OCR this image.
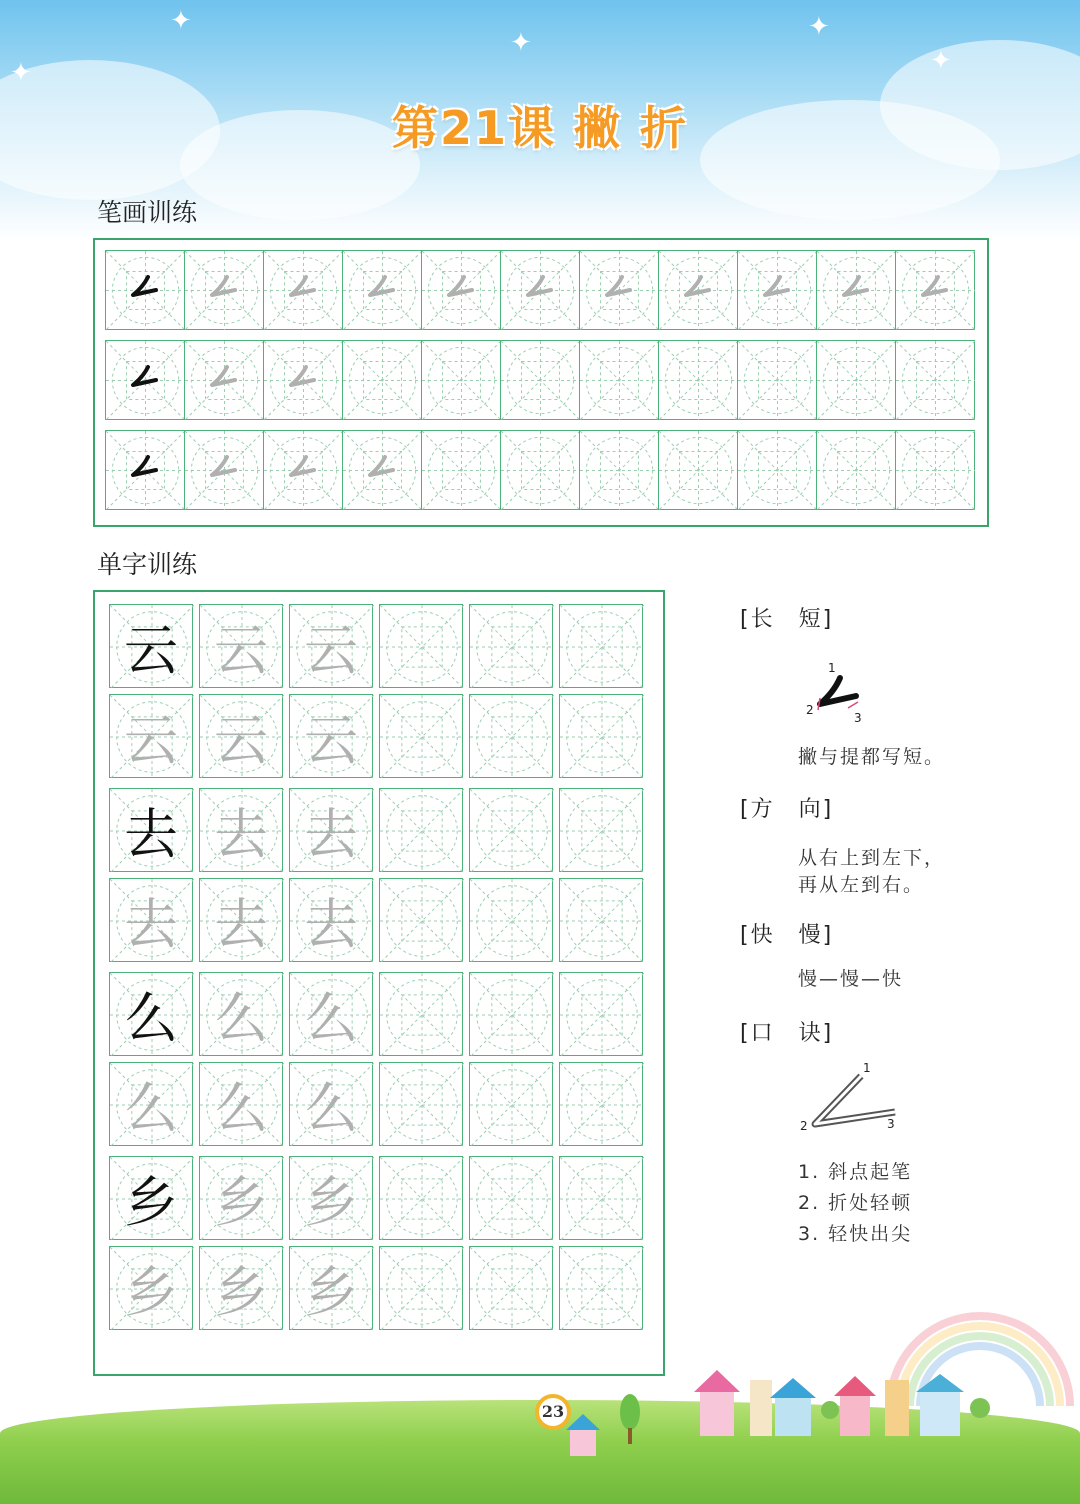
✦
✦
✦
✦
✦
第21课 撇 折
笔画训练
单字训练
云 云 云
云 云 云
去 去 去
去 去 去
么 么 么
么 么 么
乡 乡 乡
乡 乡 乡
[长　短]
1
2
3
撇与提都写短。
[方　向]
从右上到左下，
再从左到右。
[快　慢]
慢—慢—快
[口　诀]
1
2	3
1. 斜点起笔
2. 折处轻顿
3. 轻快出尖
23
